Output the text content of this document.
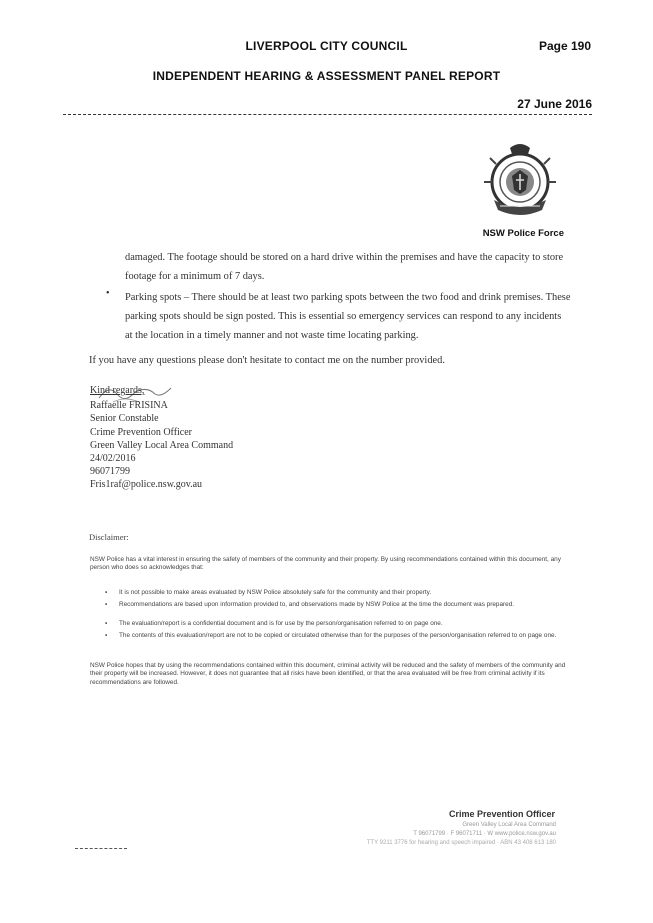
LIVERPOOL CITY COUNCIL	Page 190
INDEPENDENT HEARING & ASSESSMENT PANEL REPORT
27 June 2016
NSW Police Force
damaged. The footage should be stored on a hard drive within the premises and have the capacity to store footage for a minimum of 7 days.
• Parking spots – There should be at least two parking spots between the two food and drink premises. These parking spots should be sign posted. This is essential so emergency services can respond to any incidents at the location in a timely manner and not waste time locating parking.
If you have any questions please don't hesitate to contact me on the number provided.
Kind regards,
Raffaelle FRISINA
Senior Constable
Crime Prevention Officer
Green Valley Local Area Command
24/02/2016
96071799
Fris1raf@police.nsw.gov.au
Disclaimer:
NSW Police has a vital interest in ensuring the safety of members of the community and their property. By using recommendations contained within this document, any person who does so acknowledges that:
▪ It is not possible to make areas evaluated by NSW Police absolutely safe for the community and their property.
▪ Recommendations are based upon information provided to, and observations made by NSW Police at the time the document was prepared.
▪ The evaluation/report is a confidential document and is for use by the person/organisation referred to on page one.
▪ The contents of this evaluation/report are not to be copied or circulated otherwise than for the purposes of the person/organisation referred to on page one.
NSW Police hopes that by using the recommendations contained within this document, criminal activity will be reduced and the safety of members of the community and their property will be increased. However, it does not guarantee that all risks have been identified, or that the area evaluated will be free from criminal activity if its recommendations are followed.
Crime Prevention Officer
Green Valley Local Area Command
T 96071799 · F 96071711 · W www.police.nsw.gov.au
TTY 9211 3776 for hearing and speech impaired · ABN 43 408 613 180
